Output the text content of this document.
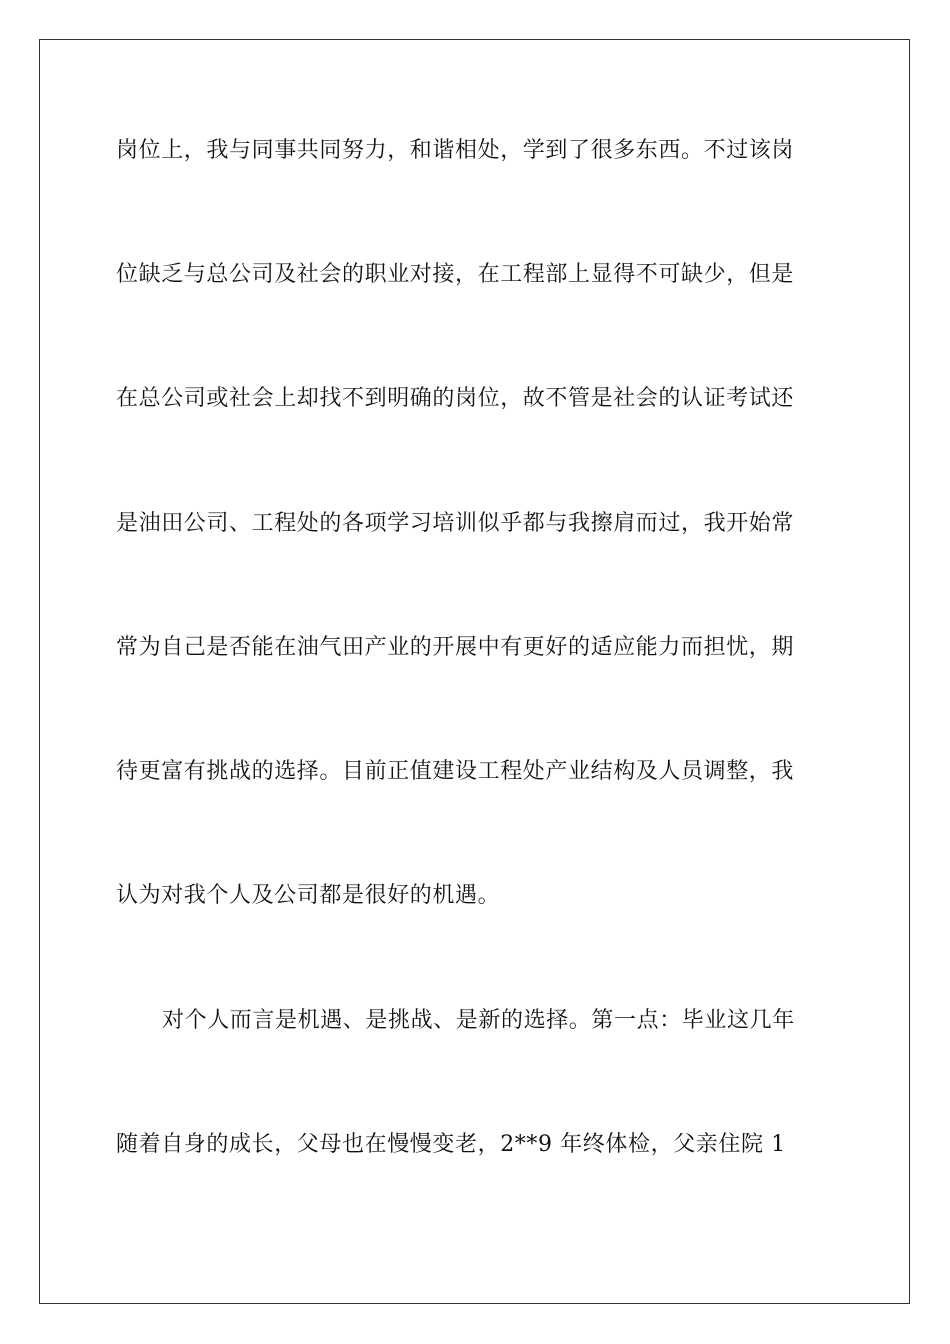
岗位上，我与同事共同努力，和谐相处，学到了很多东西。不过该岗
位缺乏与总公司及社会的职业对接，在工程部上显得不可缺少，但是
在总公司或社会上却找不到明确的岗位，故不管是社会的认证考试还
是油田公司、工程处的各项学习培训似乎都与我擦肩而过，我开始常
常为自己是否能在油气田产业的开展中有更好的适应能力而担忧，期
待更富有挑战的选择。目前正值建设工程处产业结构及人员调整，我
认为对我个人及公司都是很好的机遇。
对个人而言是机遇、是挑战、是新的选择。第一点：毕业这几年
随着自身的成长，父母也在慢慢变老，2**9 年终体检，父亲住院 1
